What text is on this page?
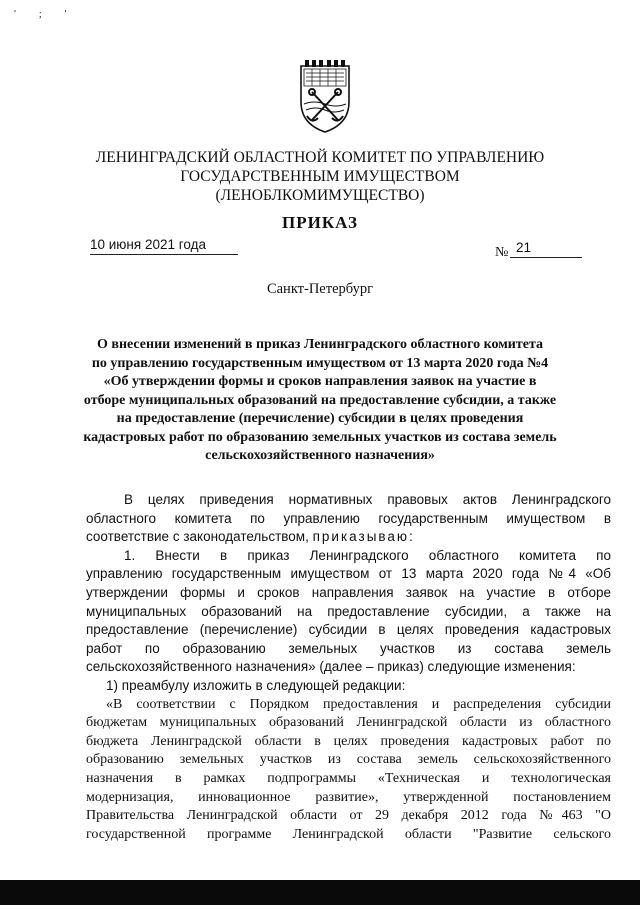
' ; '
ЛЕНИНГРАДСКИЙ ОБЛАСТНОЙ КОМИТЕТ ПО УПРАВЛЕНИЮ
ГОСУДАРСТВЕННЫМ ИМУЩЕСТВОМ
(ЛЕНОБЛКОМИМУЩЕСТВО)
ПРИКАЗ
10 июня 2021 года
№ 21
Санкт-Петербург
О внесении изменений в приказ Ленинградского областного комитета
по управлению государственным имуществом от 13 марта 2020 года №4
«Об утверждении формы и сроков направления заявок на участие в
отборе муниципальных образований на предоставление субсидии, а также
на предоставление (перечисление) субсидии в целях проведения
кадастровых работ по образованию земельных участков из состава земель
сельскохозяйственного назначения»
В целях приведения нормативных правовых актов Ленинградского
областного комитета по управлению государственным имуществом в
соответствие с законодательством, приказываю:
1. Внести в приказ Ленинградского областного комитета по
управлению государственным имуществом от 13 марта 2020 года №4 «Об
утверждении формы и сроков направления заявок на участие в отборе
муниципальных образований на предоставление субсидии, а также на
предоставление (перечисление) субсидии в целях проведения кадастровых
работ по образованию земельных участков из состава земель
сельскохозяйственного назначения» (далее – приказ) следующие изменения:
1) преамбулу изложить в следующей редакции:
«В соответствии с Порядком предоставления и распределения субсидии
бюджетам муниципальных образований Ленинградской области из областного
бюджета Ленинградской области в целях проведения кадастровых работ по
образованию земельных участков из состава земель сельскохозяйственного
назначения в рамках подпрограммы «Техническая и технологическая
модернизация, инновационное развитие», утвержденной постановлением
Правительства Ленинградской области от 29 декабря 2012 года №463 "О
государственной программе Ленинградской области "Развитие сельского
